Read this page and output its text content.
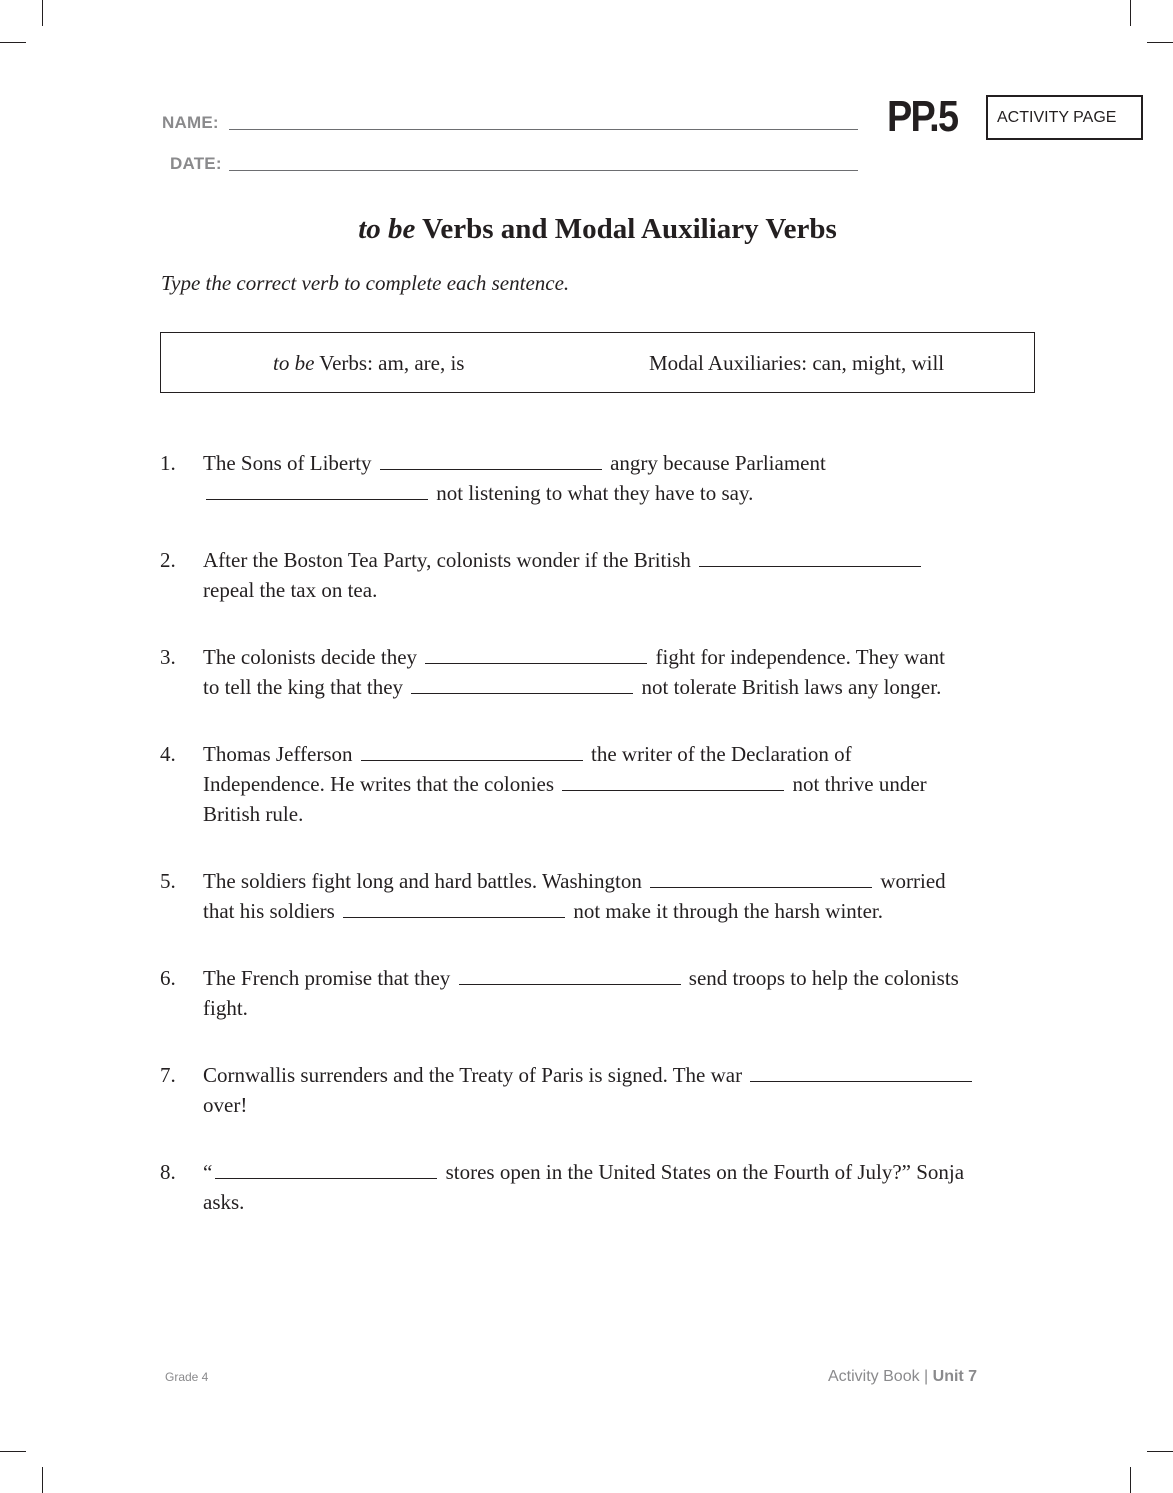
NAME:
DATE:
PP.5	ACTIVITY PAGE
to be Verbs and Modal Auxiliary Verbs
Type the correct verb to complete each sentence.
to be Verbs: am, are, is	Modal Auxiliaries: can, might, will
1. The Sons of Liberty	angry because Parliament
not listening to what they have to say.
2. After the Boston Tea Party, colonists wonder if the British
repeal the tax on tea.
3. The colonists decide they	fight for independence. They want
to tell the king that they	not tolerate British laws any longer.
4. Thomas Jefferson	the writer of the Declaration of
Independence. He writes that the colonies	not thrive under
British rule.
5. The soldiers fight long and hard battles. Washington	worried
that his soldiers	not make it through the harsh winter.
6. The French promise that they	send troops to help the colonists
fight.
7. Cornwallis surrenders and the Treaty of Paris is signed. The war
over!
8. “	stores open in the United States on the Fourth of July?” Sonja
asks.
Grade 4	Activity Book | Unit 7
